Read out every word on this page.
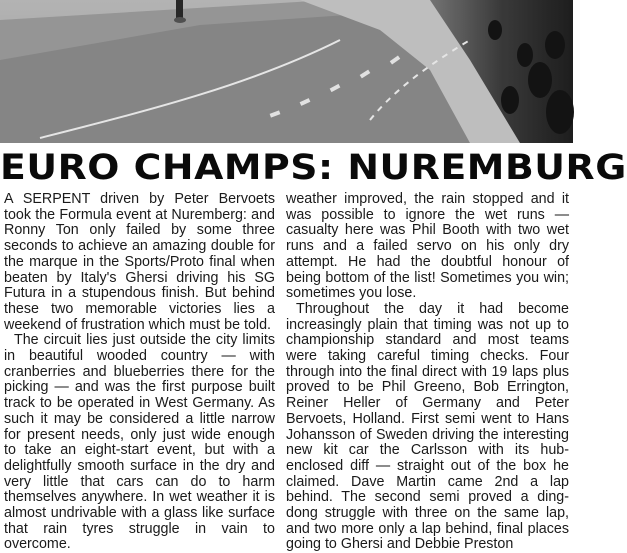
EURO CHAMPS: NUREMBURG

A SERPENT driven by Peter Bervoets took the Formula event at Nuremberg: and Ronny Ton only failed by some three seconds to achieve an amazing double for the marque in the Sports/Proto final when beaten by Italy's Ghersi driving his SG Futura in a stupendous finish. But behind these two memorable victories lies a weekend of frustration which must be told.

The circuit lies just outside the city limits in beautiful wooded country — with cranberries and blueberries there for the picking — and was the first purpose built track to be operated in West Germany. As such it may be considered a little narrow for present needs, only just wide enough to take an eight-start event, but with a delightfully smooth surface in the dry and very little that cars can do to harm themselves anywhere. In wet weather it is almost undrivable with a glass like surface that rain tyres struggle in vain to overcome.

weather improved, the rain stopped and it was possible to ignore the wet runs — casualty here was Phil Booth with two wet runs and a failed servo on his only dry attempt. He had the doubtful honour of being bottom of the list! Sometimes you win; sometimes you lose.

Throughout the day it had become increasingly plain that timing was not up to championship standard and most teams were taking careful timing checks. Four through into the final direct with 19 laps plus proved to be Phil Greeno, Bob Errington, Reiner Heller of Germany and Peter Bervoets, Holland. First semi went to Hans Johansson of Sweden driving the interesting new kit car the Carlsson with its hub-enclosed diff — straight out of the box he claimed. Dave Martin came 2nd a lap behind. The second semi proved a ding-dong struggle with three on the same lap, and two more only a lap behind, final places going to Ghersi and Debbie Preston
